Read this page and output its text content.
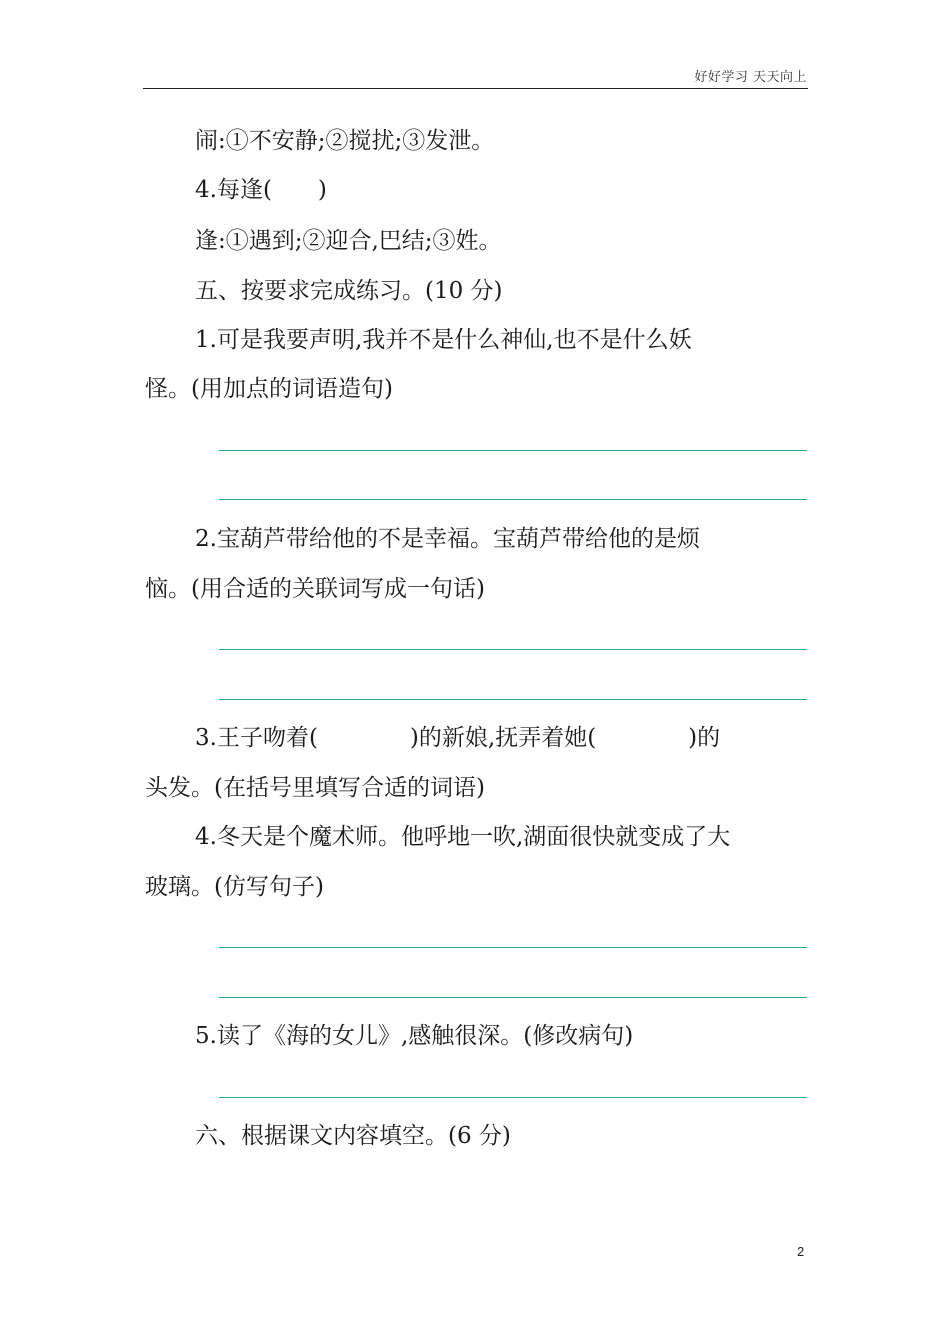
好好学习 天天向上
闹:①不安静;②搅扰;③发泄。
4.每逢(　　)
逢:①遇到;②迎合,巴结;③姓。
五、按要求完成练习。(10 分)
1.可是我要声明,我并不是什么神仙,也不是什么妖
怪。(用加点的词语造句)
2.宝葫芦带给他的不是幸福。宝葫芦带给他的是烦
恼。(用合适的关联词写成一句话)
3.王子吻着(　　　　)的新娘,抚弄着她(　　　　)的
头发。(在括号里填写合适的词语)
4.冬天是个魔术师。他呼地一吹,湖面很快就变成了大
玻璃。(仿写句子)
5.读了《海的女儿》,感触很深。(修改病句)
六、根据课文内容填空。(6 分)
2
